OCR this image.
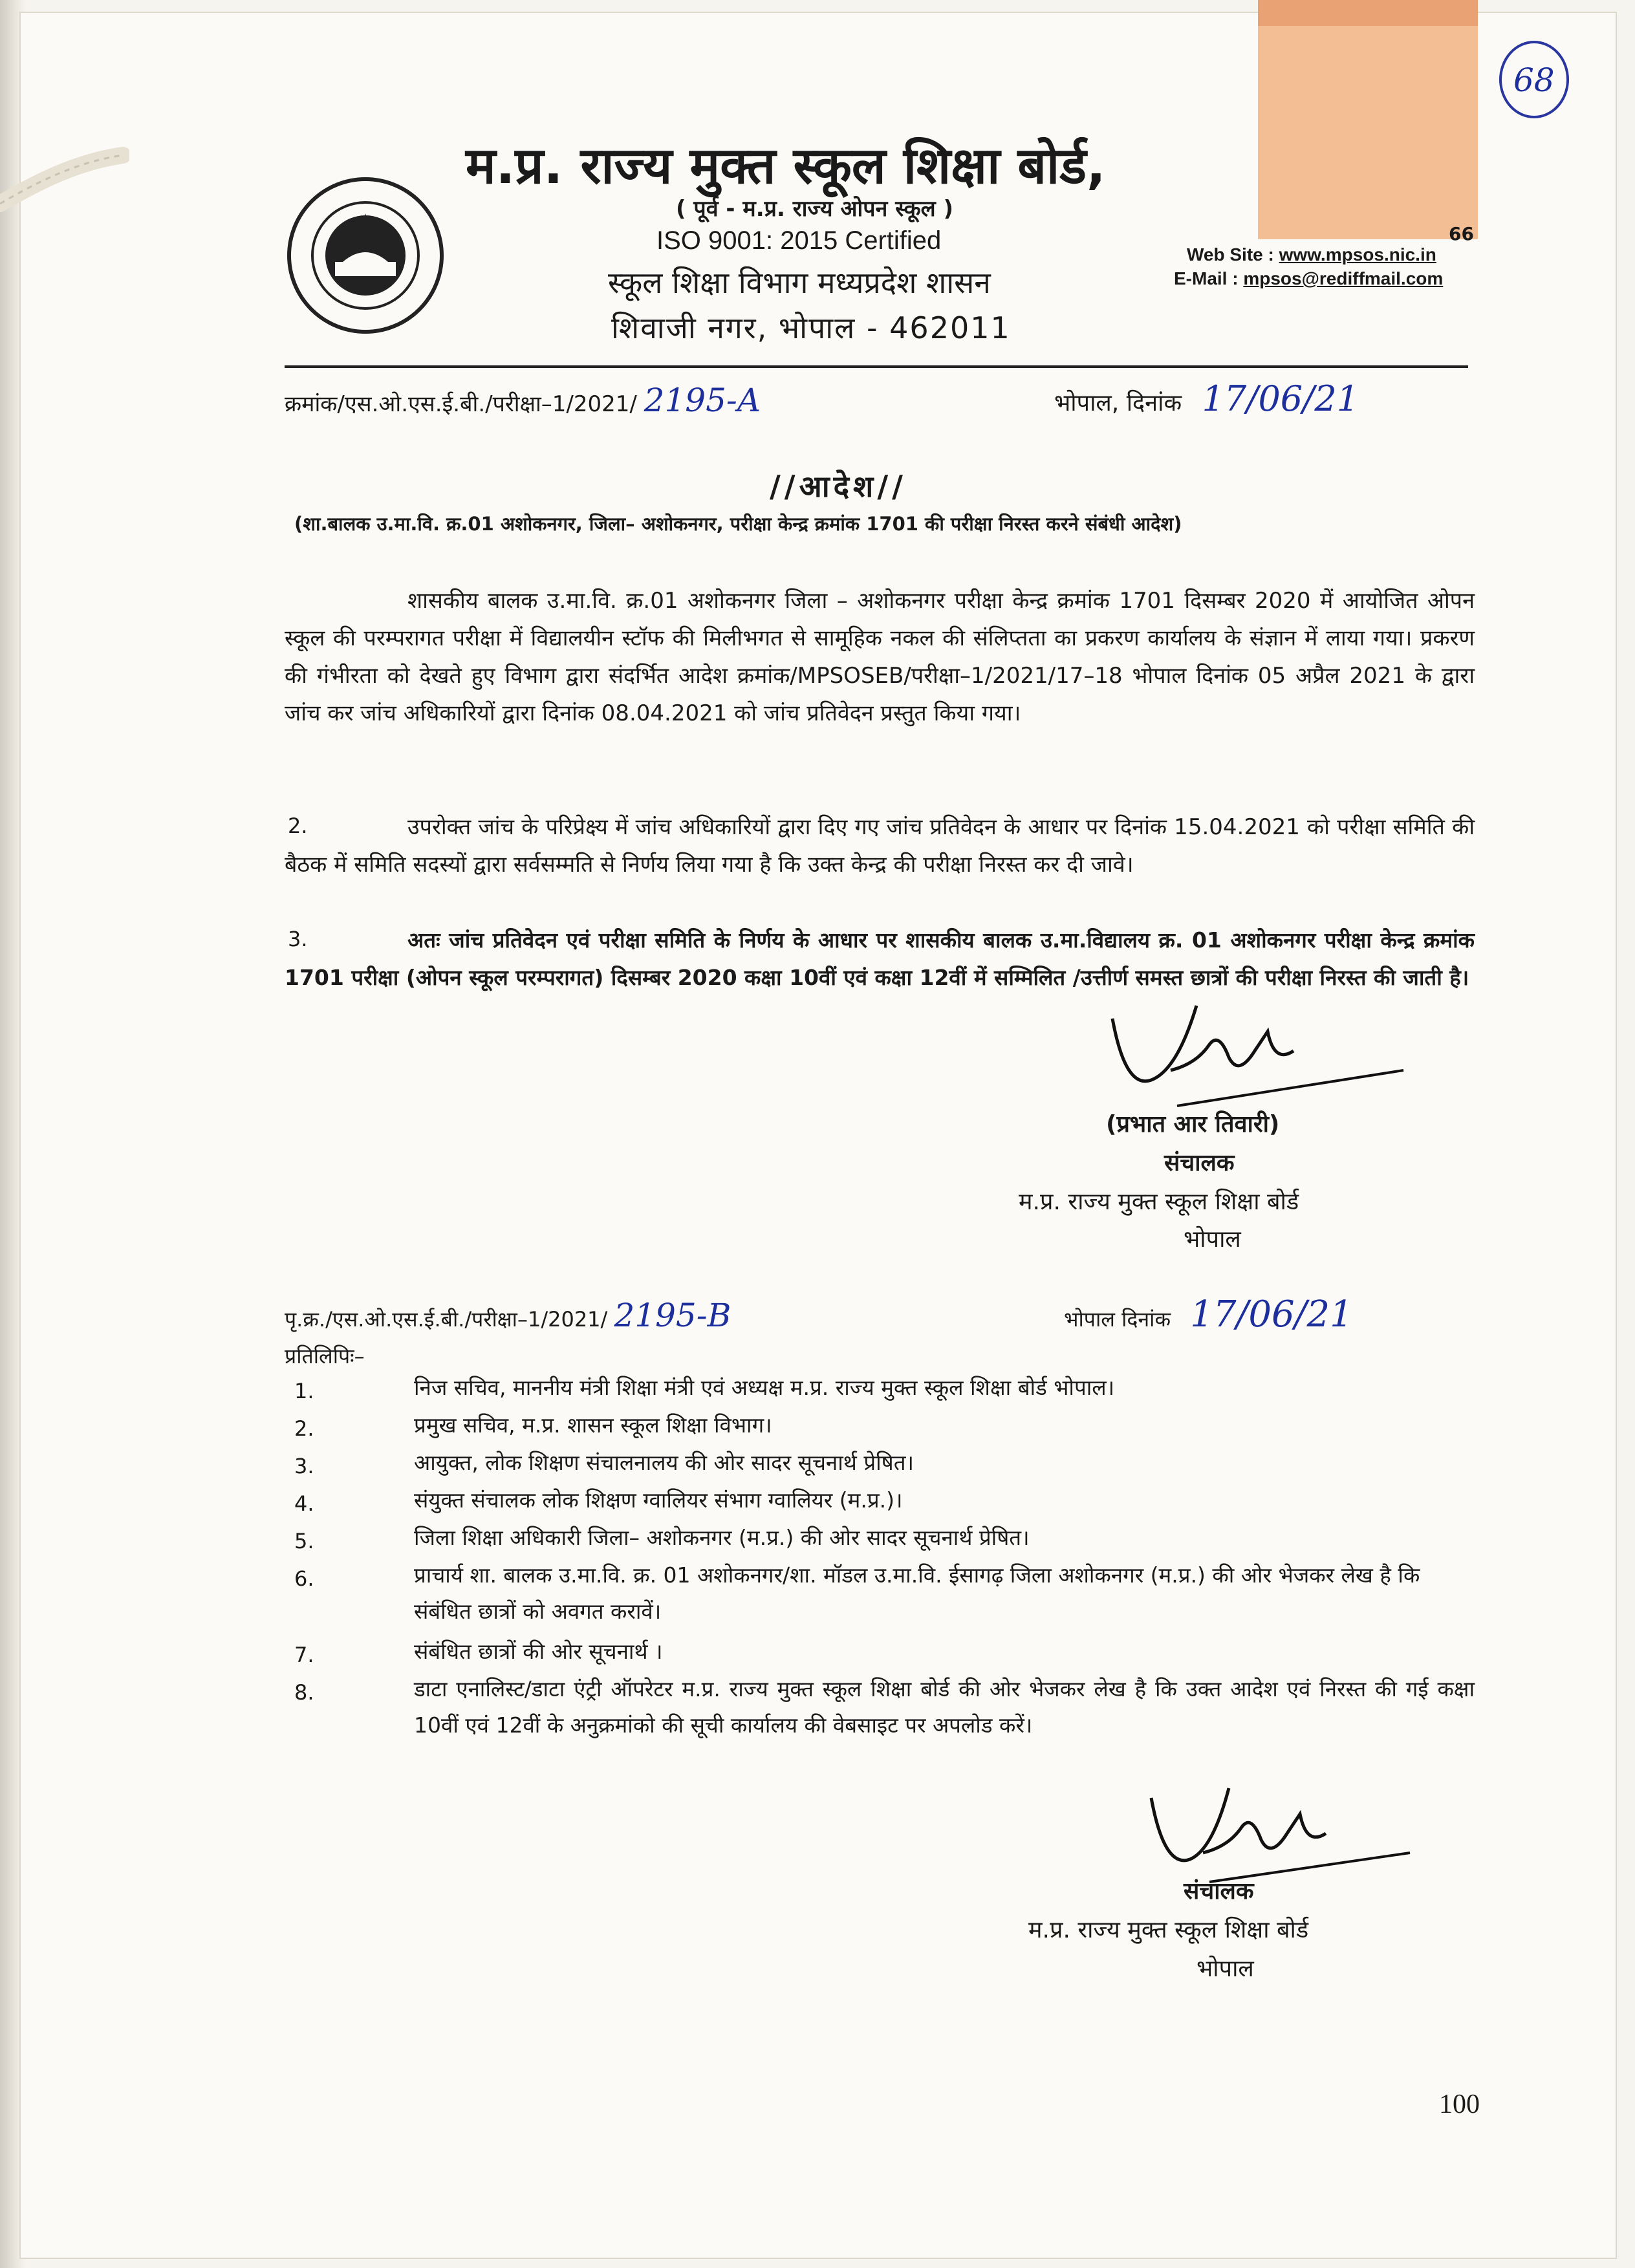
68
म.प्र. राज्य मुक्त स्कूल शिक्षा बोर्ड म.प्र. राज्य मुक्त स्कूल शिक्षा बोर्ड,
( पूर्व - म.प्र. राज्य ओपन स्कूल )
ISO 9001: 2015 Certified
स्कूल शिक्षा विभाग मध्यप्रदेश शासन
शिवाजी नगर, भोपाल - 462011
66
Web Site : www.mpsos.nic.in
E-Mail : mpsos@rediffmail.com
क्रमांक/एस.ओ.एस.ई.बी./परीक्षा–1/2021/ 2195-A	भोपाल, दिनांक 17/06/21
//आदेश//
(शा.बालक उ.मा.वि. क्र.01 अशोकनगर, जिला– अशोकनगर, परीक्षा केन्द्र क्रमांक 1701 की परीक्षा निरस्त करने संबंधी आदेश)
शासकीय बालक उ.मा.वि. क्र.01 अशोकनगर जिला – अशोकनगर परीक्षा केन्द्र क्रमांक 1701 दिसम्बर 2020 में आयोजित ओपन स्कूल की परम्परागत परीक्षा में विद्यालयीन स्टॉफ की मिलीभगत से सामूहिक नकल की संलिप्तता का प्रकरण कार्यालय के संज्ञान में लाया गया। प्रकरण की गंभीरता को देखते हुए विभाग द्वारा संदर्भित आदेश क्रमांक/MPSOSEB/परीक्षा–1/2021/17–18 भोपाल दिनांक 05 अप्रैल 2021 के द्वारा जांच कर जांच अधिकारियों द्वारा दिनांक 08.04.2021 को जांच प्रतिवेदन प्रस्तुत किया गया।
2.	उपरोक्त जांच के परिप्रेक्ष्य में जांच अधिकारियों द्वारा दिए गए जांच प्रतिवेदन के आधार पर दिनांक 15.04.2021 को परीक्षा समिति की बैठक में समिति सदस्यों द्वारा सर्वसम्मति से निर्णय लिया गया है कि उक्त केन्द्र की परीक्षा निरस्त कर दी जावे।
3.	अतः जांच प्रतिवेदन एवं परीक्षा समिति के निर्णय के आधार पर शासकीय बालक उ.मा.विद्यालय क्र. 01 अशोकनगर परीक्षा केन्द्र क्रमांक 1701 परीक्षा (ओपन स्कूल परम्परागत) दिसम्बर 2020 कक्षा 10वीं एवं कक्षा 12वीं में सम्मिलित /उत्तीर्ण समस्त छात्रों की परीक्षा निरस्त की जाती है।
(प्रभात आर तिवारी)
संचालक
म.प्र. राज्य मुक्त स्कूल शिक्षा बोर्ड
भोपाल
पृ.क्र./एस.ओ.एस.ई.बी./परीक्षा–1/2021/ 2195-B	भोपाल दिनांक 17/06/21
प्रतिलिपिः–
1.	निज सचिव, माननीय मंत्री शिक्षा मंत्री एवं अध्यक्ष म.प्र. राज्य मुक्त स्कूल शिक्षा बोर्ड भोपाल।
2.	प्रमुख सचिव, म.प्र. शासन स्कूल शिक्षा विभाग।
3.	आयुक्त, लोक शिक्षण संचालनालय की ओर सादर सूचनार्थ प्रेषित।
4.	संयुक्त संचालक लोक शिक्षण ग्वालियर संभाग ग्वालियर (म.प्र.)।
5.	जिला शिक्षा अधिकारी जिला– अशोकनगर (म.प्र.) की ओर सादर सूचनार्थ प्रेषित।
6.	प्राचार्य शा. बालक उ.मा.वि. क्र. 01 अशोकनगर/शा. मॉडल उ.मा.वि. ईसागढ़ जिला अशोकनगर (म.प्र.) की ओर भेजकर लेख है कि संबंधित छात्रों को अवगत करावें।
7.	संबंधित छात्रों की ओर सूचनार्थ ।
8.	डाटा एनालिस्ट/डाटा एंट्री ऑपरेटर म.प्र. राज्य मुक्त स्कूल शिक्षा बोर्ड की ओर भेजकर लेख है कि उक्त आदेश एवं निरस्त की गई कक्षा 10वीं एवं 12वीं के अनुक्रमांको की सूची कार्यालय की वेबसाइट पर अपलोड करें।
संचालक
म.प्र. राज्य मुक्त स्कूल शिक्षा बोर्ड
भोपाल
100
